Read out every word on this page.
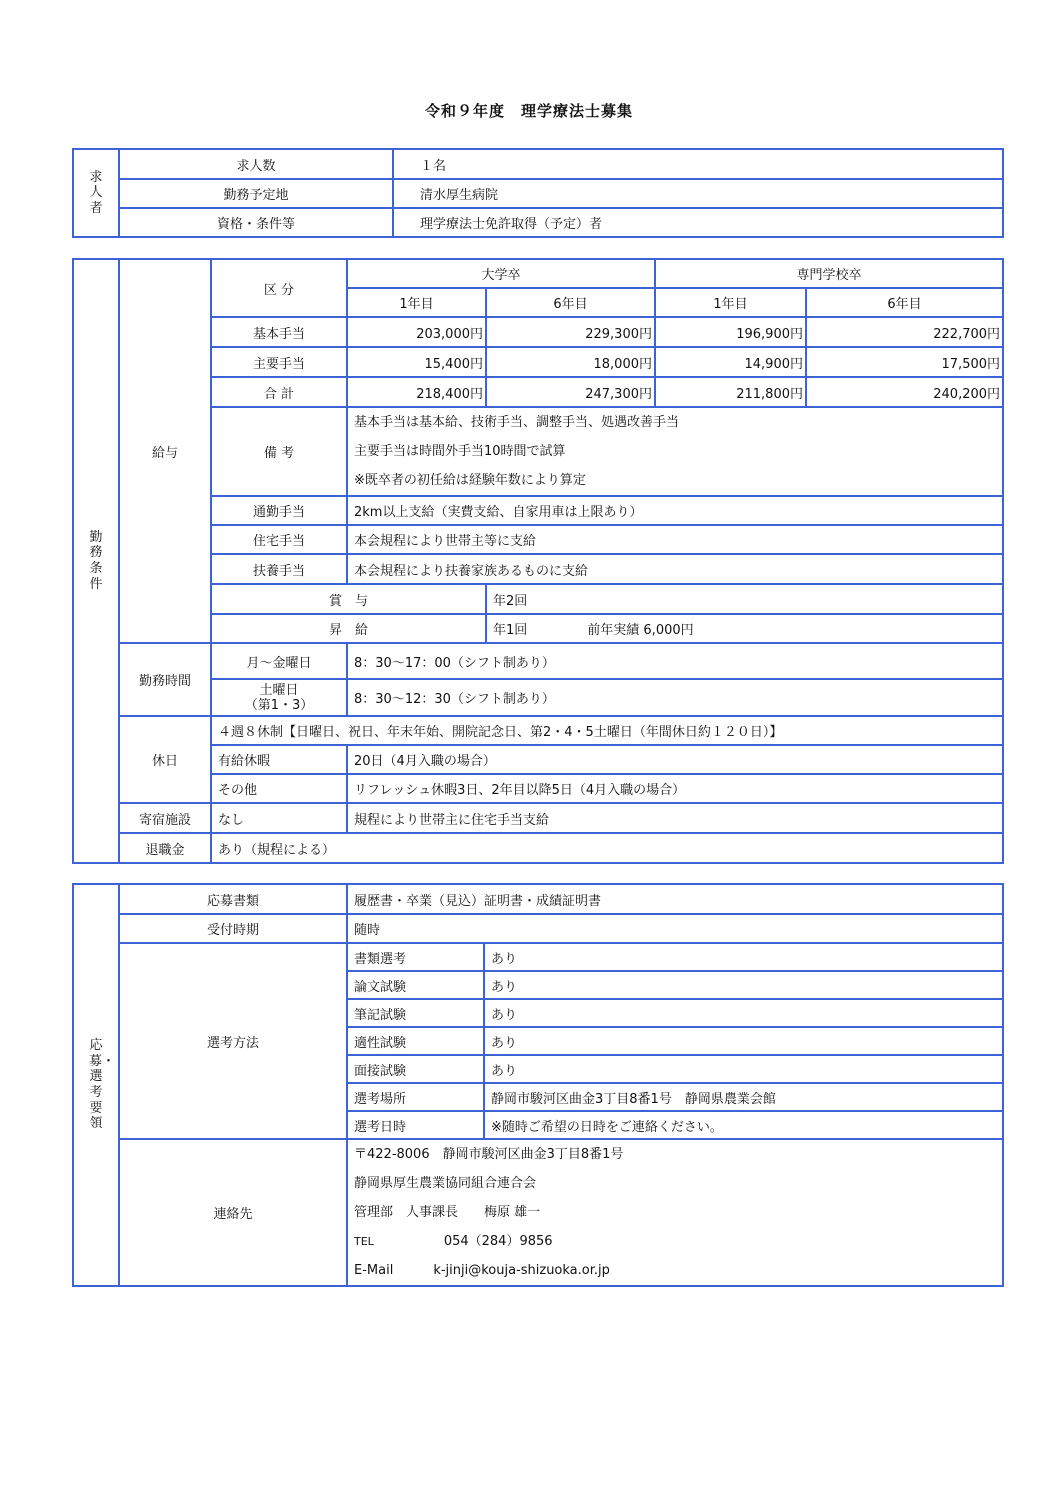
令和９年度　理学療法士募集
求人者	求人数	１名
	勤務予定地	清水厚生病院
	資格・条件等	理学療法士免許取得（予定）者
勤務条件	給与	区 分	大学卒		専門学校卒	
			1年目	6年目	1年目	6年目
		基本手当	203,000円	229,300円	196,900円	222,700円
		主要手当	15,400円	18,000円	14,900円	17,500円
		合 計	218,400円	247,300円	211,800円	240,200円
		備 考	基本手当は基本給、技術手当、調整手当、処遇改善手当
主要手当は時間外手当10時間で試算
※既卒者の初任給は経験年数により算定			

		通勤手当	2km以上支給（実費支給、自家用車は上限あり）			
		住宅手当	本会規程により世帯主等に支給			
		扶養手当	本会規程により扶養家族あるものに支給			
		賞　与		年2回		
		昇　給		年1回 前年実績 6,000円		
	勤務時間	月～金曜日	8：30～17：00（シフト制あり）			

		土曜日
（第1・3）	8：30～12：30（シフト制あり）			
	休日	４週８休制【日曜日、祝日、年末年始、開院記念日、第2・4・5土曜日（年間休日約１２０日）】				
		有給休暇	20日（4月入職の場合）			
		その他	リフレッシュ休暇3日、2年目以降5日（4月入職の場合）			
	寄宿施設	なし	規程により世帯主に住宅手当支給			
	退職金	あり（規程による）				
応募・選考要領	応募書類	履歴書・卒業（見込）証明書・成績証明書	
	受付時期	随時	
	選考方法	書類選考	あり
		論文試験	あり
		筆記試験	あり
		適性試験	あり
		面接試験	あり
		選考場所	静岡市駿河区曲金3丁目8番1号　静岡県農業会館
		選考日時	※随時ご希望の日時をご連絡ください。
	連絡先	〒422-8006　静岡市駿河区曲金3丁目8番1号
静岡県厚生農業協同組合連合会
管理部　人事課長　　梅原 雄一
TEL 054（284）9856
E-Mail k-jinji@kouja-shizuoka.or.jp	
